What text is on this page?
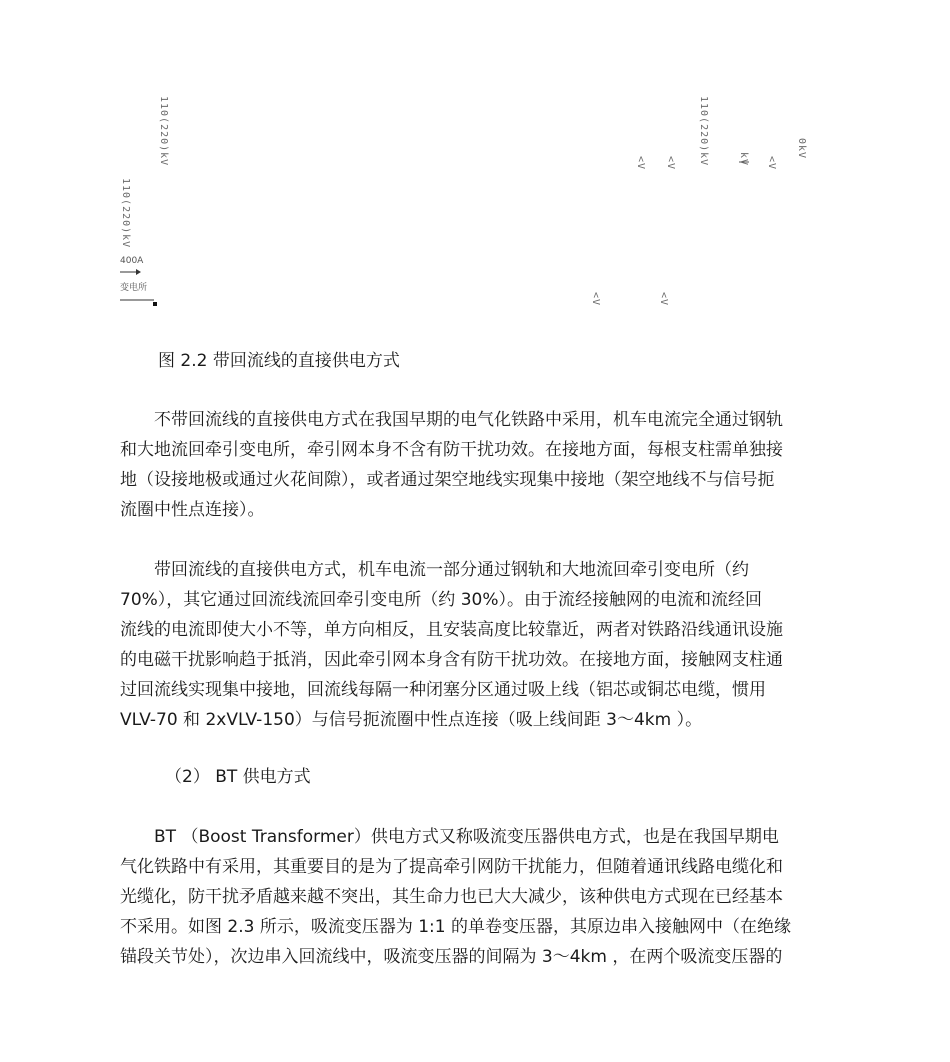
110(220)kV
110(220)kV
110(220)kV	kV	0kV
<V <V	<V
<V	<V
400A
变电所
图 2.2 带回流线的直接供电方式
　　不带回流线的直接供电方式在我国早期的电气化铁路中采用，机车电流完全通过钢轨
和大地流回牵引变电所，牵引网本身不含有防干扰功效。在接地方面，每根支柱需单独接
地（设接地极或通过火花间隙），或者通过架空地线实现集中接地（架空地线不与信号扼
流圈中性点连接）。
　　带回流线的直接供电方式，机车电流一部分通过钢轨和大地流回牵引变电所（约
70%），其它通过回流线流回牵引变电所（约 30%）。由于流经接触网的电流和流经回
流线的电流即使大小不等，单方向相反，且安装高度比较靠近，两者对铁路沿线通讯设施
的电磁干扰影响趋于抵消，因此牵引网本身含有防干扰功效。在接地方面，接触网支柱通
过回流线实现集中接地，回流线每隔一种闭塞分区通过吸上线（铝芯或铜芯电缆，惯用
VLV-70 和 2xVLV-150）与信号扼流圈中性点连接（吸上线间距 3～4km ）。
（2） BT 供电方式
　　BT （Boost Transformer）供电方式又称吸流变压器供电方式，也是在我国早期电
气化铁路中有采用，其重要目的是为了提高牵引网防干扰能力，但随着通讯线路电缆化和
光缆化，防干扰矛盾越来越不突出，其生命力也已大大减少，该种供电方式现在已经基本
不采用。如图 2.3 所示，吸流变压器为 1:1 的单卷变压器，其原边串入接触网中（在绝缘
锚段关节处），次边串入回流线中，吸流变压器的间隔为 3～4km ，在两个吸流变压器的
